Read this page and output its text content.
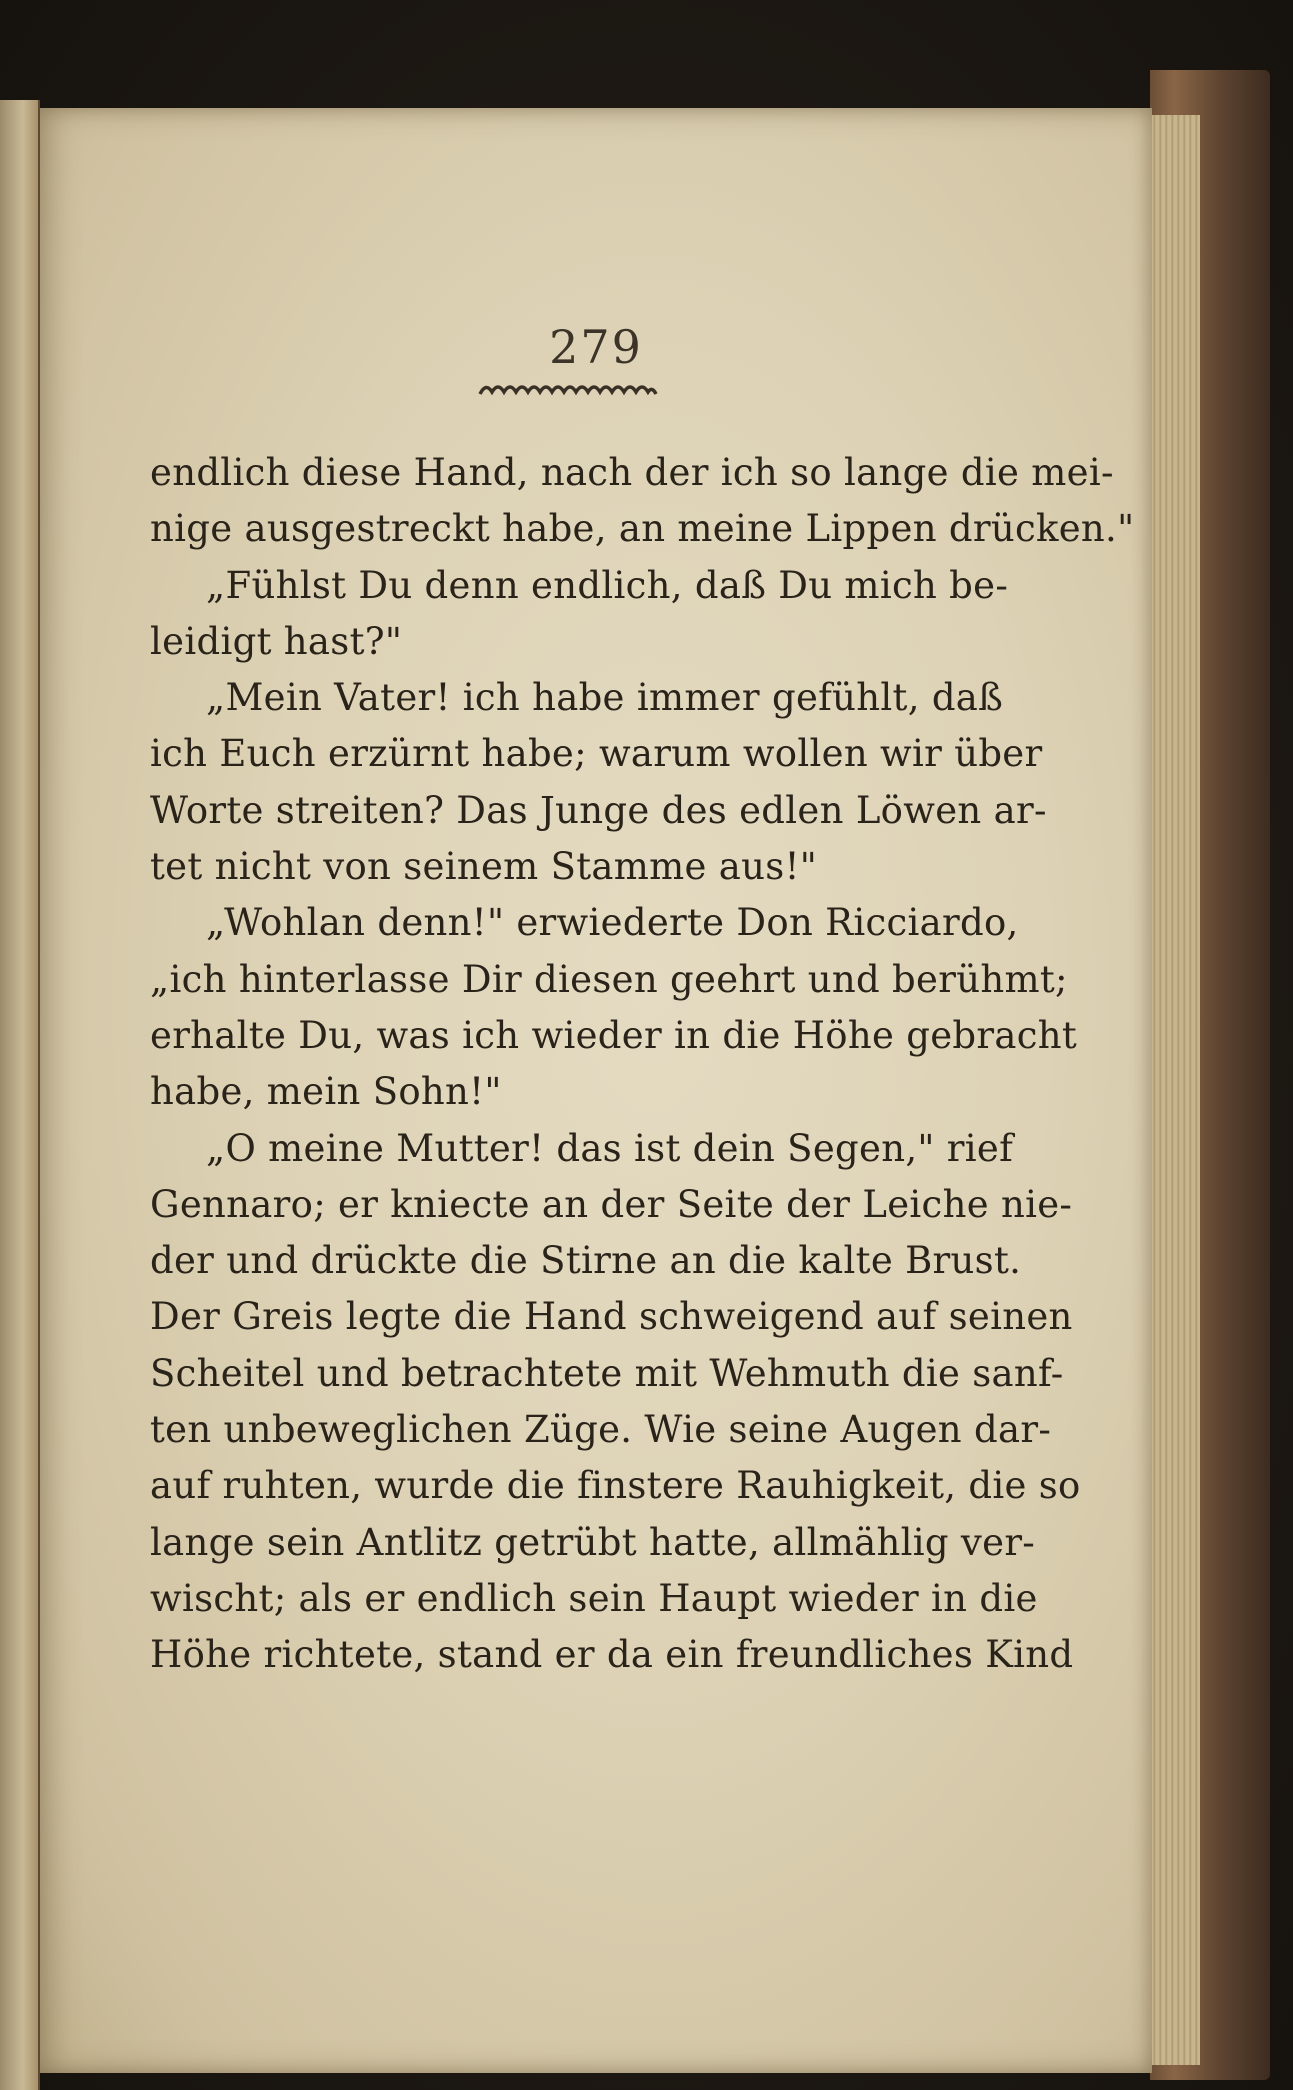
279
endlich diese Hand, nach der ich so lange die mei-
nige ausgestreckt habe, an meine Lippen drücken."
„Fühlst Du denn endlich, daß Du mich be-
leidigt hast?"
„Mein Vater! ich habe immer gefühlt, daß
ich Euch erzürnt habe; warum wollen wir über
Worte streiten? Das Junge des edlen Löwen ar-
tet nicht von seinem Stamme aus!"
„Wohlan denn!" erwiederte Don Ricciardo,
„ich hinterlasse Dir diesen geehrt und berühmt;
erhalte Du, was ich wieder in die Höhe gebracht
habe, mein Sohn!"
„O meine Mutter! das ist dein Segen," rief
Gennaro; er kniecte an der Seite der Leiche nie-
der und drückte die Stirne an die kalte Brust.
Der Greis legte die Hand schweigend auf seinen
Scheitel und betrachtete mit Wehmuth die sanf-
ten unbeweglichen Züge. Wie seine Augen dar-
auf ruhten, wurde die finstere Rauhigkeit, die so
lange sein Antlitz getrübt hatte, allmählig ver-
wischt; als er endlich sein Haupt wieder in die
Höhe richtete, stand er da ein freundliches Kind
